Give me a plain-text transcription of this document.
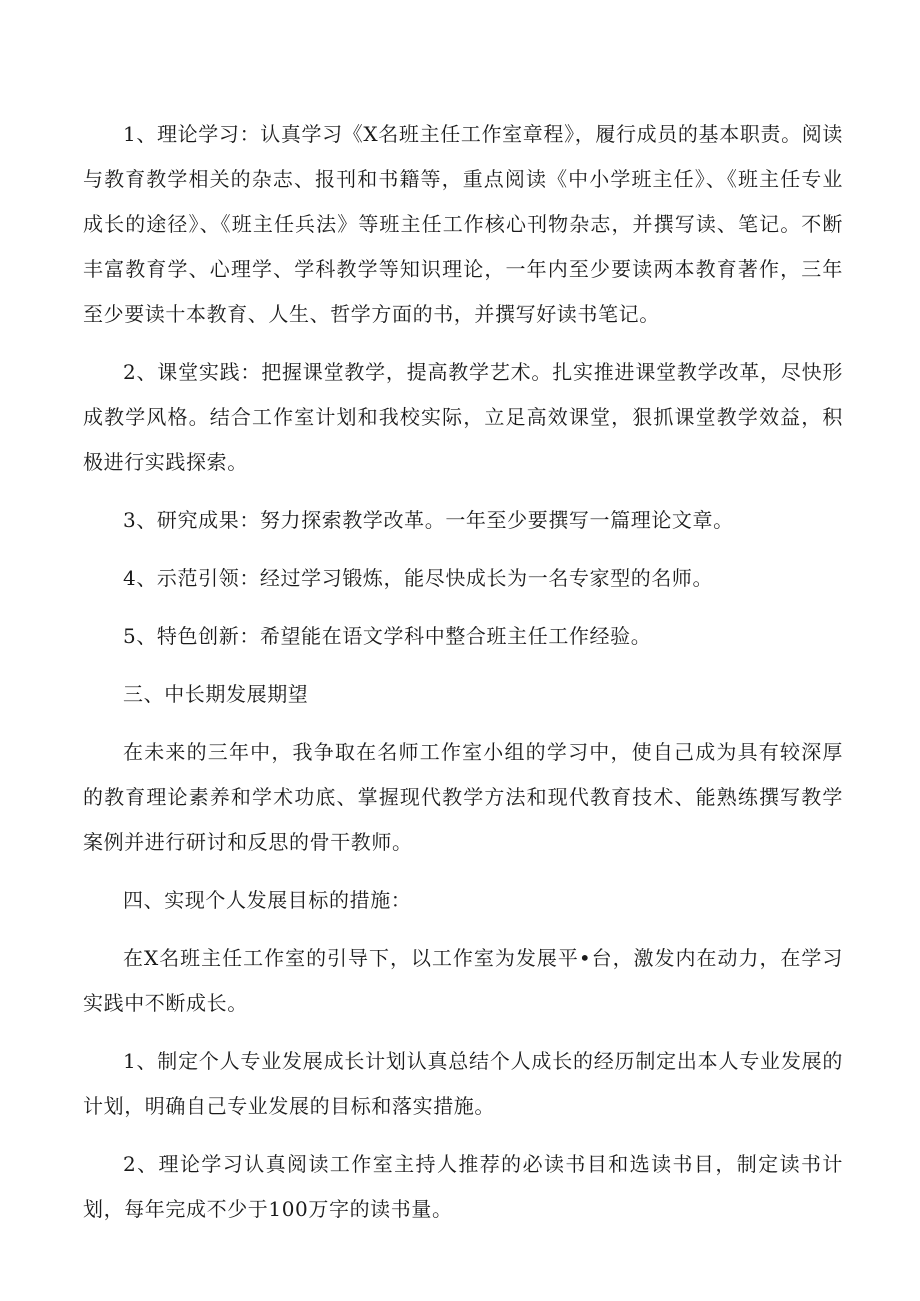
1、理论学习：认真学习《X名班主任工作室章程》，履行成员的基本职责。阅读与教育教学相关的杂志、报刊和书籍等，重点阅读《中小学班主任》、《班主任专业成长的途径》、《班主任兵法》等班主任工作核心刊物杂志，并撰写读、笔记。不断丰富教育学、心理学、学科教学等知识理论，一年内至少要读两本教育著作，三年至少要读十本教育、人生、哲学方面的书，并撰写好读书笔记。

2、课堂实践：把握课堂教学，提高教学艺术。扎实推进课堂教学改革，尽快形成教学风格。结合工作室计划和我校实际，立足高效课堂，狠抓课堂教学效益，积极进行实践探索。

3、研究成果：努力探索教学改革。一年至少要撰写一篇理论文章。

4、示范引领：经过学习锻炼，能尽快成长为一名专家型的名师。

5、特色创新：希望能在语文学科中整合班主任工作经验。

三、中长期发展期望

在未来的三年中，我争取在名师工作室小组的学习中，使自己成为具有较深厚的教育理论素养和学术功底、掌握现代教学方法和现代教育技术、能熟练撰写教学案例并进行研讨和反思的骨干教师。

四、实现个人发展目标的措施：

在X名班主任工作室的引导下，以工作室为发展平•台，激发内在动力，在学习实践中不断成长。

1、制定个人专业发展成长计划认真总结个人成长的经历制定出本人专业发展的计划，明确自己专业发展的目标和落实措施。

2、理论学习认真阅读工作室主持人推荐的必读书目和选读书目，制定读书计划，每年完成不少于100万字的读书量。
